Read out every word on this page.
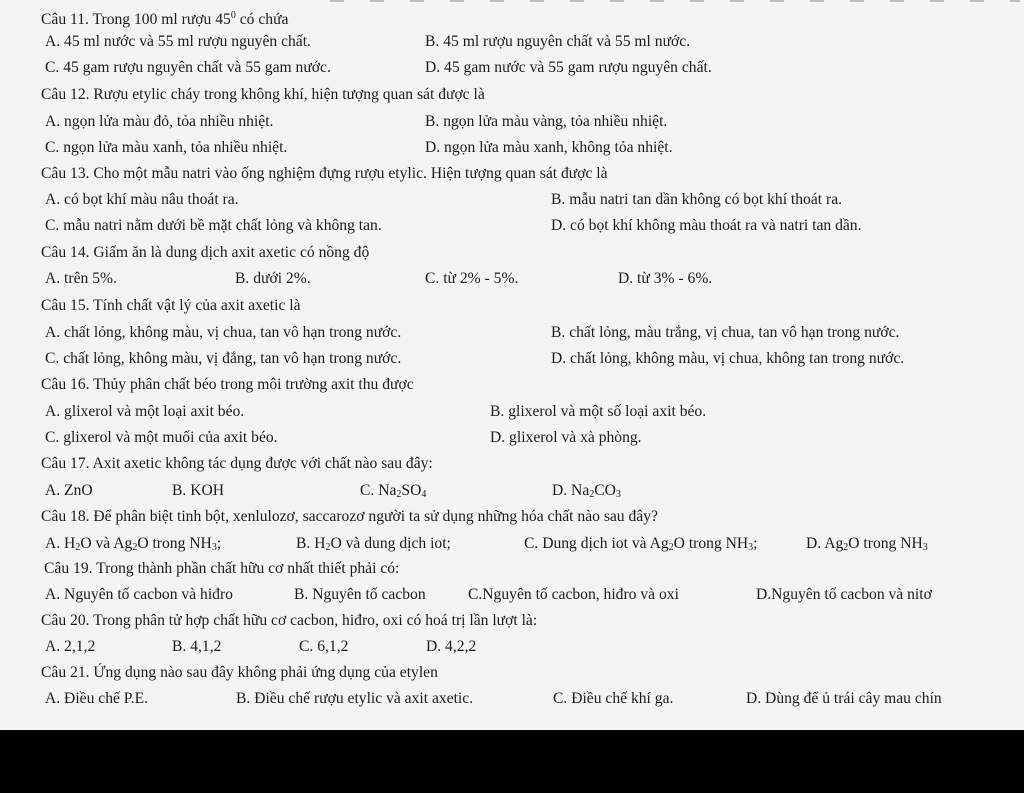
Câu 11. Trong 100 ml rượu $45^0$ có chứa
A. 45 ml nước và 55 ml rượu nguyên chất.	B. 45 ml rượu nguyên chất và 55 ml nước.
C. 45 gam rượu nguyên chất và 55 gam nước.	D. 45 gam nước và 55 gam rượu nguyên chất.
Câu 12. Rượu etylic cháy trong không khí, hiện tượng quan sát được là
A. ngọn lửa màu đỏ, tỏa nhiều nhiệt.	B. ngọn lửa màu vàng, tỏa nhiều nhiệt.
C. ngọn lửa màu xanh, tỏa nhiều nhiệt.	D. ngọn lửa màu xanh, không tỏa nhiệt.
Câu 13. Cho một mẫu natri vào ống nghiệm đựng rượu etylic. Hiện tượng quan sát được là
A. có bọt khí màu nâu thoát ra.	B. mẫu natri tan dần không có bọt khí thoát ra.
C. mẫu natri nằm dưới bề mặt chất lỏng và không tan.	D. có bọt khí không màu thoát ra và natri tan dần.
Câu 14. Giấm ăn là dung dịch axit axetic có nồng độ
A. trên 5%.	B. dưới 2%.	C. từ 2% - 5%.	D. từ 3% - 6%.
Câu 15. Tính chất vật lý của axit axetic là
A. chất lỏng, không màu, vị chua, tan vô hạn trong nước.	B. chất lỏng, màu trắng, vị chua, tan vô hạn trong nước.
C. chất lỏng, không màu, vị đắng, tan vô hạn trong nước.	D. chất lỏng, không màu, vị chua, không tan trong nước.
Câu 16. Thủy phân chất béo trong môi trường axit thu được
A. glixerol và một loại axit béo.	B. glixerol và một số loại axit béo.
C. glixerol và một muối của axit béo.	D. glixerol và xà phòng.
Câu 17. Axit axetic không tác dụng được với chất nào sau đây:
A. ZnO	B. KOH	C. $Na_2SO_4$	D. $Na_2CO_3$
Câu 18. Để phân biệt tinh bột, xenlulozơ, saccarozơ người ta sử dụng những hóa chất nào sau đây?
A. $H_2O$ và $Ag_2O$ trong $NH_3$;	B. $H_2O$ và dung dịch iot;	C. Dung dịch iot và $Ag_2O$ trong $NH_3$;	D. $Ag_2O$ trong $NH_3$
Câu 19. Trong thành phần chất hữu cơ nhất thiết phải có:
A. Nguyên tố cacbon và hiđro	B. Nguyên tố cacbon	C.Nguyên tố cacbon, hiđro và oxi	D.Nguyên tố cacbon và nitơ
Câu 20. Trong phân tử hợp chất hữu cơ cacbon, hiđro, oxi có hoá trị lần lượt là:
A. 2,1,2	B. 4,1,2	C. 6,1,2	D. 4,2,2
Câu 21. Ứng dụng nào sau đây không phải ứng dụng của etylen
A. Điều chế P.E.	B. Điều chế rượu etylic và axit axetic.	C. Điều chế khí ga.	D. Dùng để ủ trái cây mau chín
